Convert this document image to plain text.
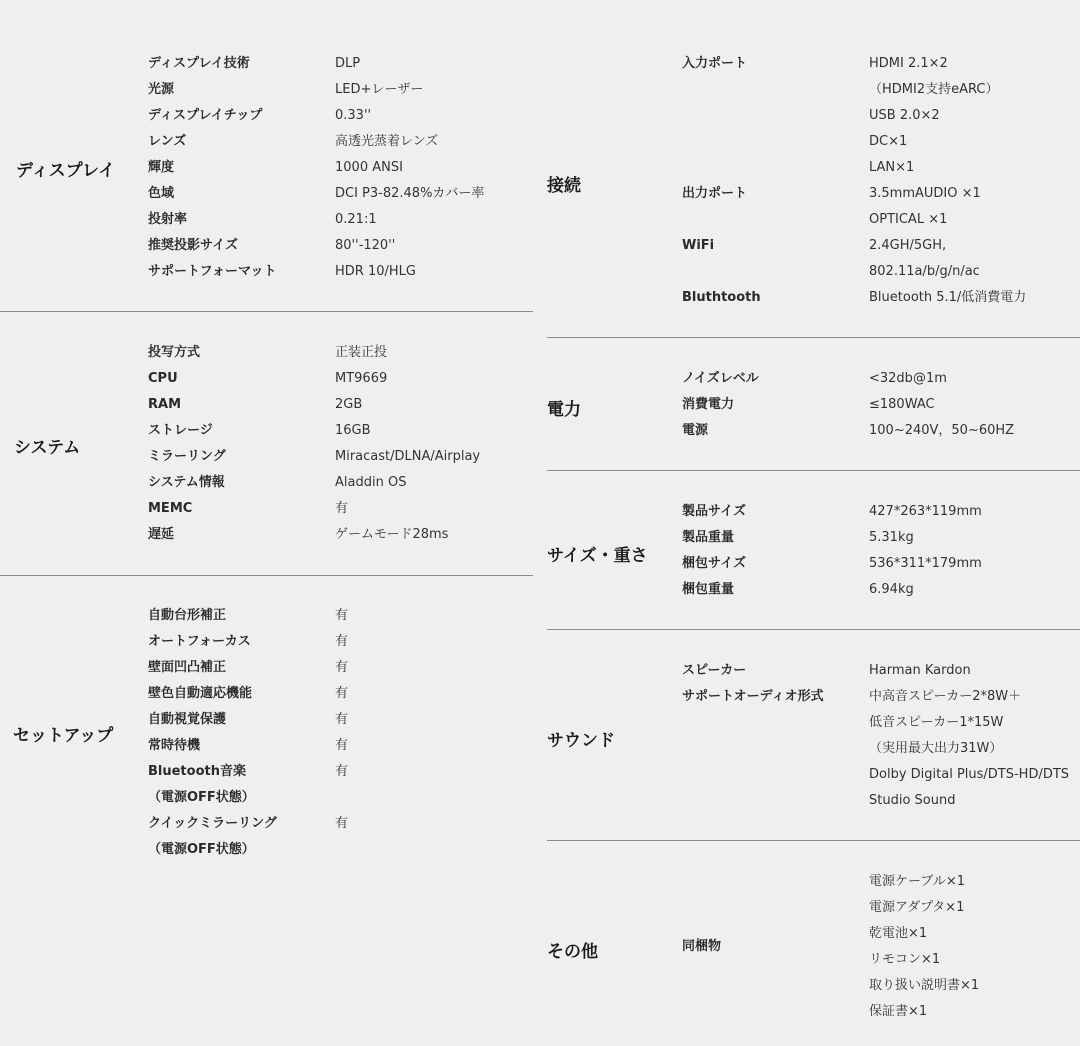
ディスプレイ
ディスプレイ技術	DLP
光源	LED+レーザー
ディスプレイチップ	0.33''
レンズ	高透光蒸着レンズ
輝度	1000 ANSI
色域	DCI P3-82.48%カバー率
投射率	0.21:1
推奨投影サイズ	80''-120''
サポートフォーマット	HDR 10/HLG
システム
投写方式	正装正投
CPU	MT9669
RAM	2GB
ストレージ	16GB
ミラーリング	Miracast/DLNA/Airplay
システム情報	Aladdin OS
MEMC	有
遅延	ゲームモード28ms
セットアップ
自動台形補正	有
オートフォーカス	有
壁面凹凸補正	有
壁色自動適応機能	有
自動視覚保護	有
常時待機	有
Bluetooth音楽	有
（電源OFF状態）
クイックミラーリング	有
（電源OFF状態）
接続
入力ポート	HDMI 2.1×2
（HDMI2支持eARC）
USB 2.0×2
DC×1
LAN×1
出力ポート	3.5mmAUDIO ×1
OPTICAL ×1
WiFi	2.4GH/5GH,
802.11a/b/g/n/ac
Bluthtooth	Bluetooth 5.1/低消費電力
電力
ノイズレベル	<32db@1m
消費電力	≤180WAC
電源	100~240V，50~60HZ
サイズ・重さ
製品サイズ	427*263*119mm
製品重量	5.31kg
梱包サイズ	536*311*179mm
梱包重量	6.94kg
サウンド
スピーカー	Harman Kardon
サポートオーディオ形式	中高音スピーカー2*8W＋
低音スピーカー1*15W
（実用最大出力31W）
Dolby Digital Plus/DTS-HD/DTS
Studio Sound
その他	同梱物
電源ケーブル×1
電源アダプタ×1
乾電池×1
リモコン×1
取り扱い説明書×1
保証書×1
